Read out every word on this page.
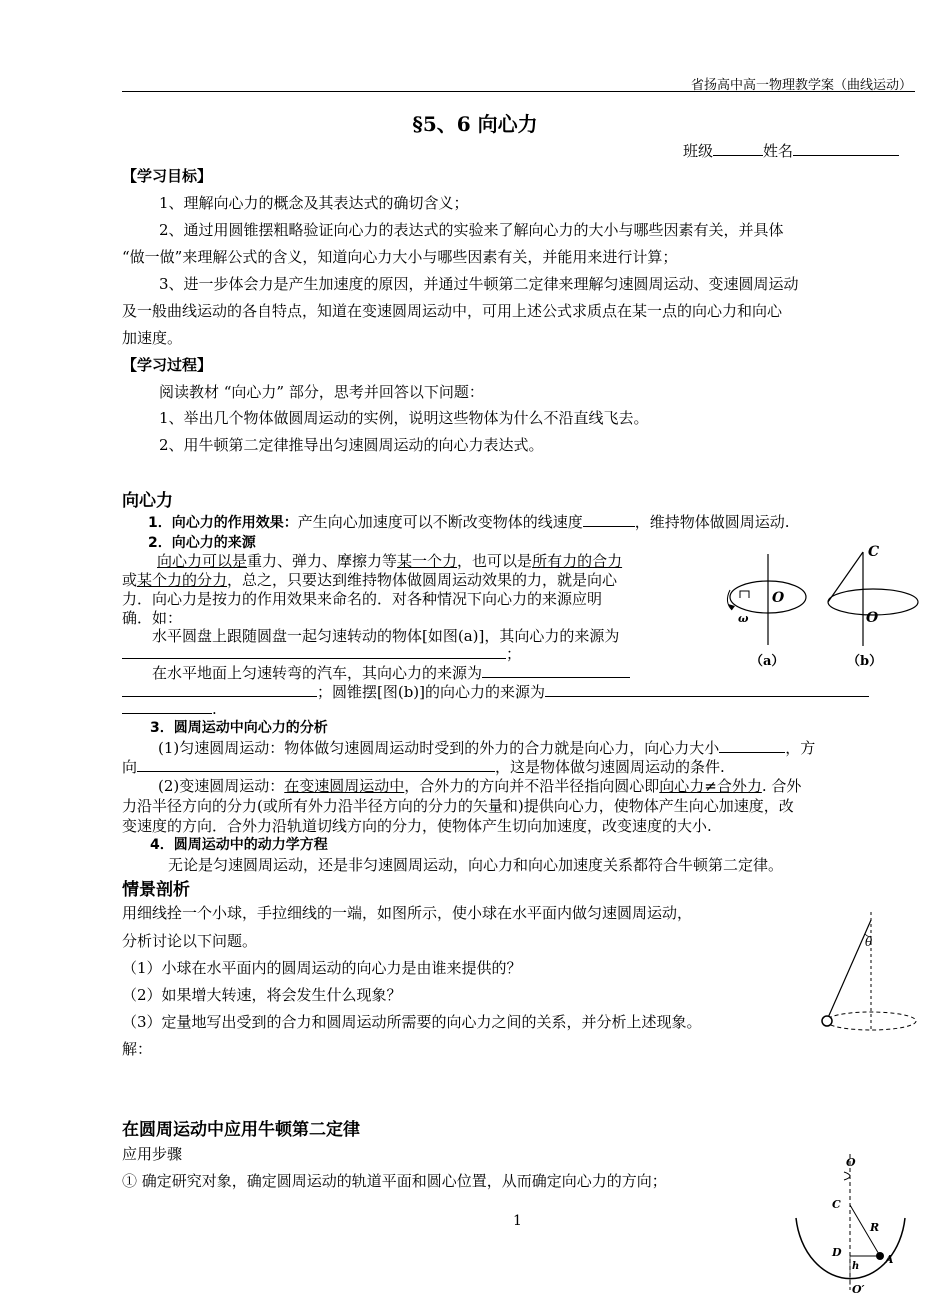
省扬高中高一物理教学案（曲线运动）
§5、6 向心力
班级	姓名
【学习目标】
1、理解向心力的概念及其表达式的确切含义；
2、通过用圆锥摆粗略验证向心力的表达式的实验来了解向心力的大小与哪些因素有关，并具体
“做一做”来理解公式的含义，知道向心力大小与哪些因素有关，并能用来进行计算；
3、进一步体会力是产生加速度的原因，并通过牛顿第二定律来理解匀速圆周运动、变速圆周运动
及一般曲线运动的各自特点，知道在变速圆周运动中，可用上述公式求质点在某一点的向心力和向心
加速度。
【学习过程】
阅读教材 “向心力” 部分，思考并回答以下问题：
1、举出几个物体做圆周运动的实例，说明这些物体为什么不沿直线飞去。
2、用牛顿第二定律推导出匀速圆周运动的向心力表达式。
向心力
1．向心力的作用效果：产生向心加速度可以不断改变物体的线速度	，维持物体做圆周运动.
2．向心力的来源
向心力可以是重力、弹力、摩擦力等某一个力，也可以是所有力的合力
或某个力的分力，总之，只要达到维持物体做圆周运动效果的力，就是向心
力．向心力是按力的作用效果来命名的．对各种情况下向心力的来源应明
确．如：
水平圆盘上跟随圆盘一起匀速转动的物体[如图(a)]，其向心力的来源为
；
在水平地面上匀速转弯的汽车，其向心力的来源为
；圆锥摆[图(b)]的向心力的来源为
.
O
ω
（a）
C
O
（b）
3．圆周运动中向心力的分析
(1)匀速圆周运动：物体做匀速圆周运动时受到的外力的合力就是向心力，向心力大小	，方
向	，这是物体做匀速圆周运动的条件.
(2)变速圆周运动：在变速圆周运动中，合外力的方向并不沿半径指向圆心即向心力≠合外力. 合外
力沿半径方向的分力(或所有外力沿半径方向的分力的矢量和)提供向心力，使物体产生向心加速度，改
变速度的方向．合外力沿轨道切线方向的分力，使物体产生切向加速度，改变速度的大小.
4．圆周运动中的动力学方程
无论是匀速圆周运动，还是非匀速圆周运动，向心力和向心加速度关系都符合牛顿第二定律。
情景剖析
用细线拴一个小球，手拉细线的一端，如图所示，使小球在水平面内做匀速圆周运动，
分析讨论以下问题。
（1）小球在水平面内的圆周运动的向心力是由谁来提供的？
（2）如果增大转速，将会发生什么现象？
（3）定量地写出受到的合力和圆周运动所需要的向心力之间的关系，并分析上述现象。
解：
θ
在圆周运动中应用牛顿第二定律
应用步骤
① 确定研究对象，确定圆周运动的轨道平面和圆心位置，从而确定向心力的方向；
O
C
R
D
h
A
O′
1
